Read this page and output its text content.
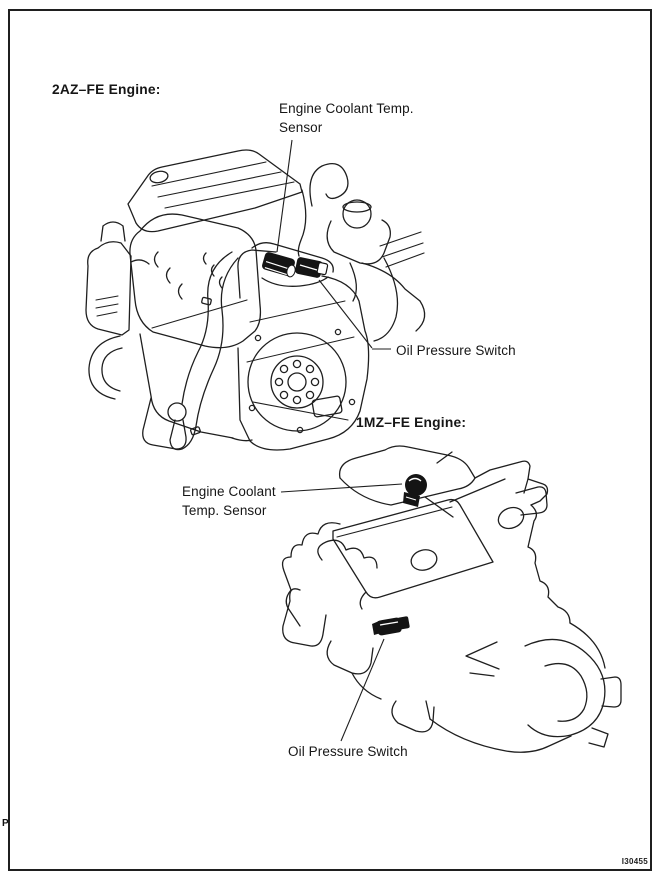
2AZ–FE Engine:
Engine Coolant Temp.
Sensor
Oil Pressure Switch
1MZ–FE Engine:
Engine Coolant
Temp. Sensor
Oil Pressure Switch
I30455
P
